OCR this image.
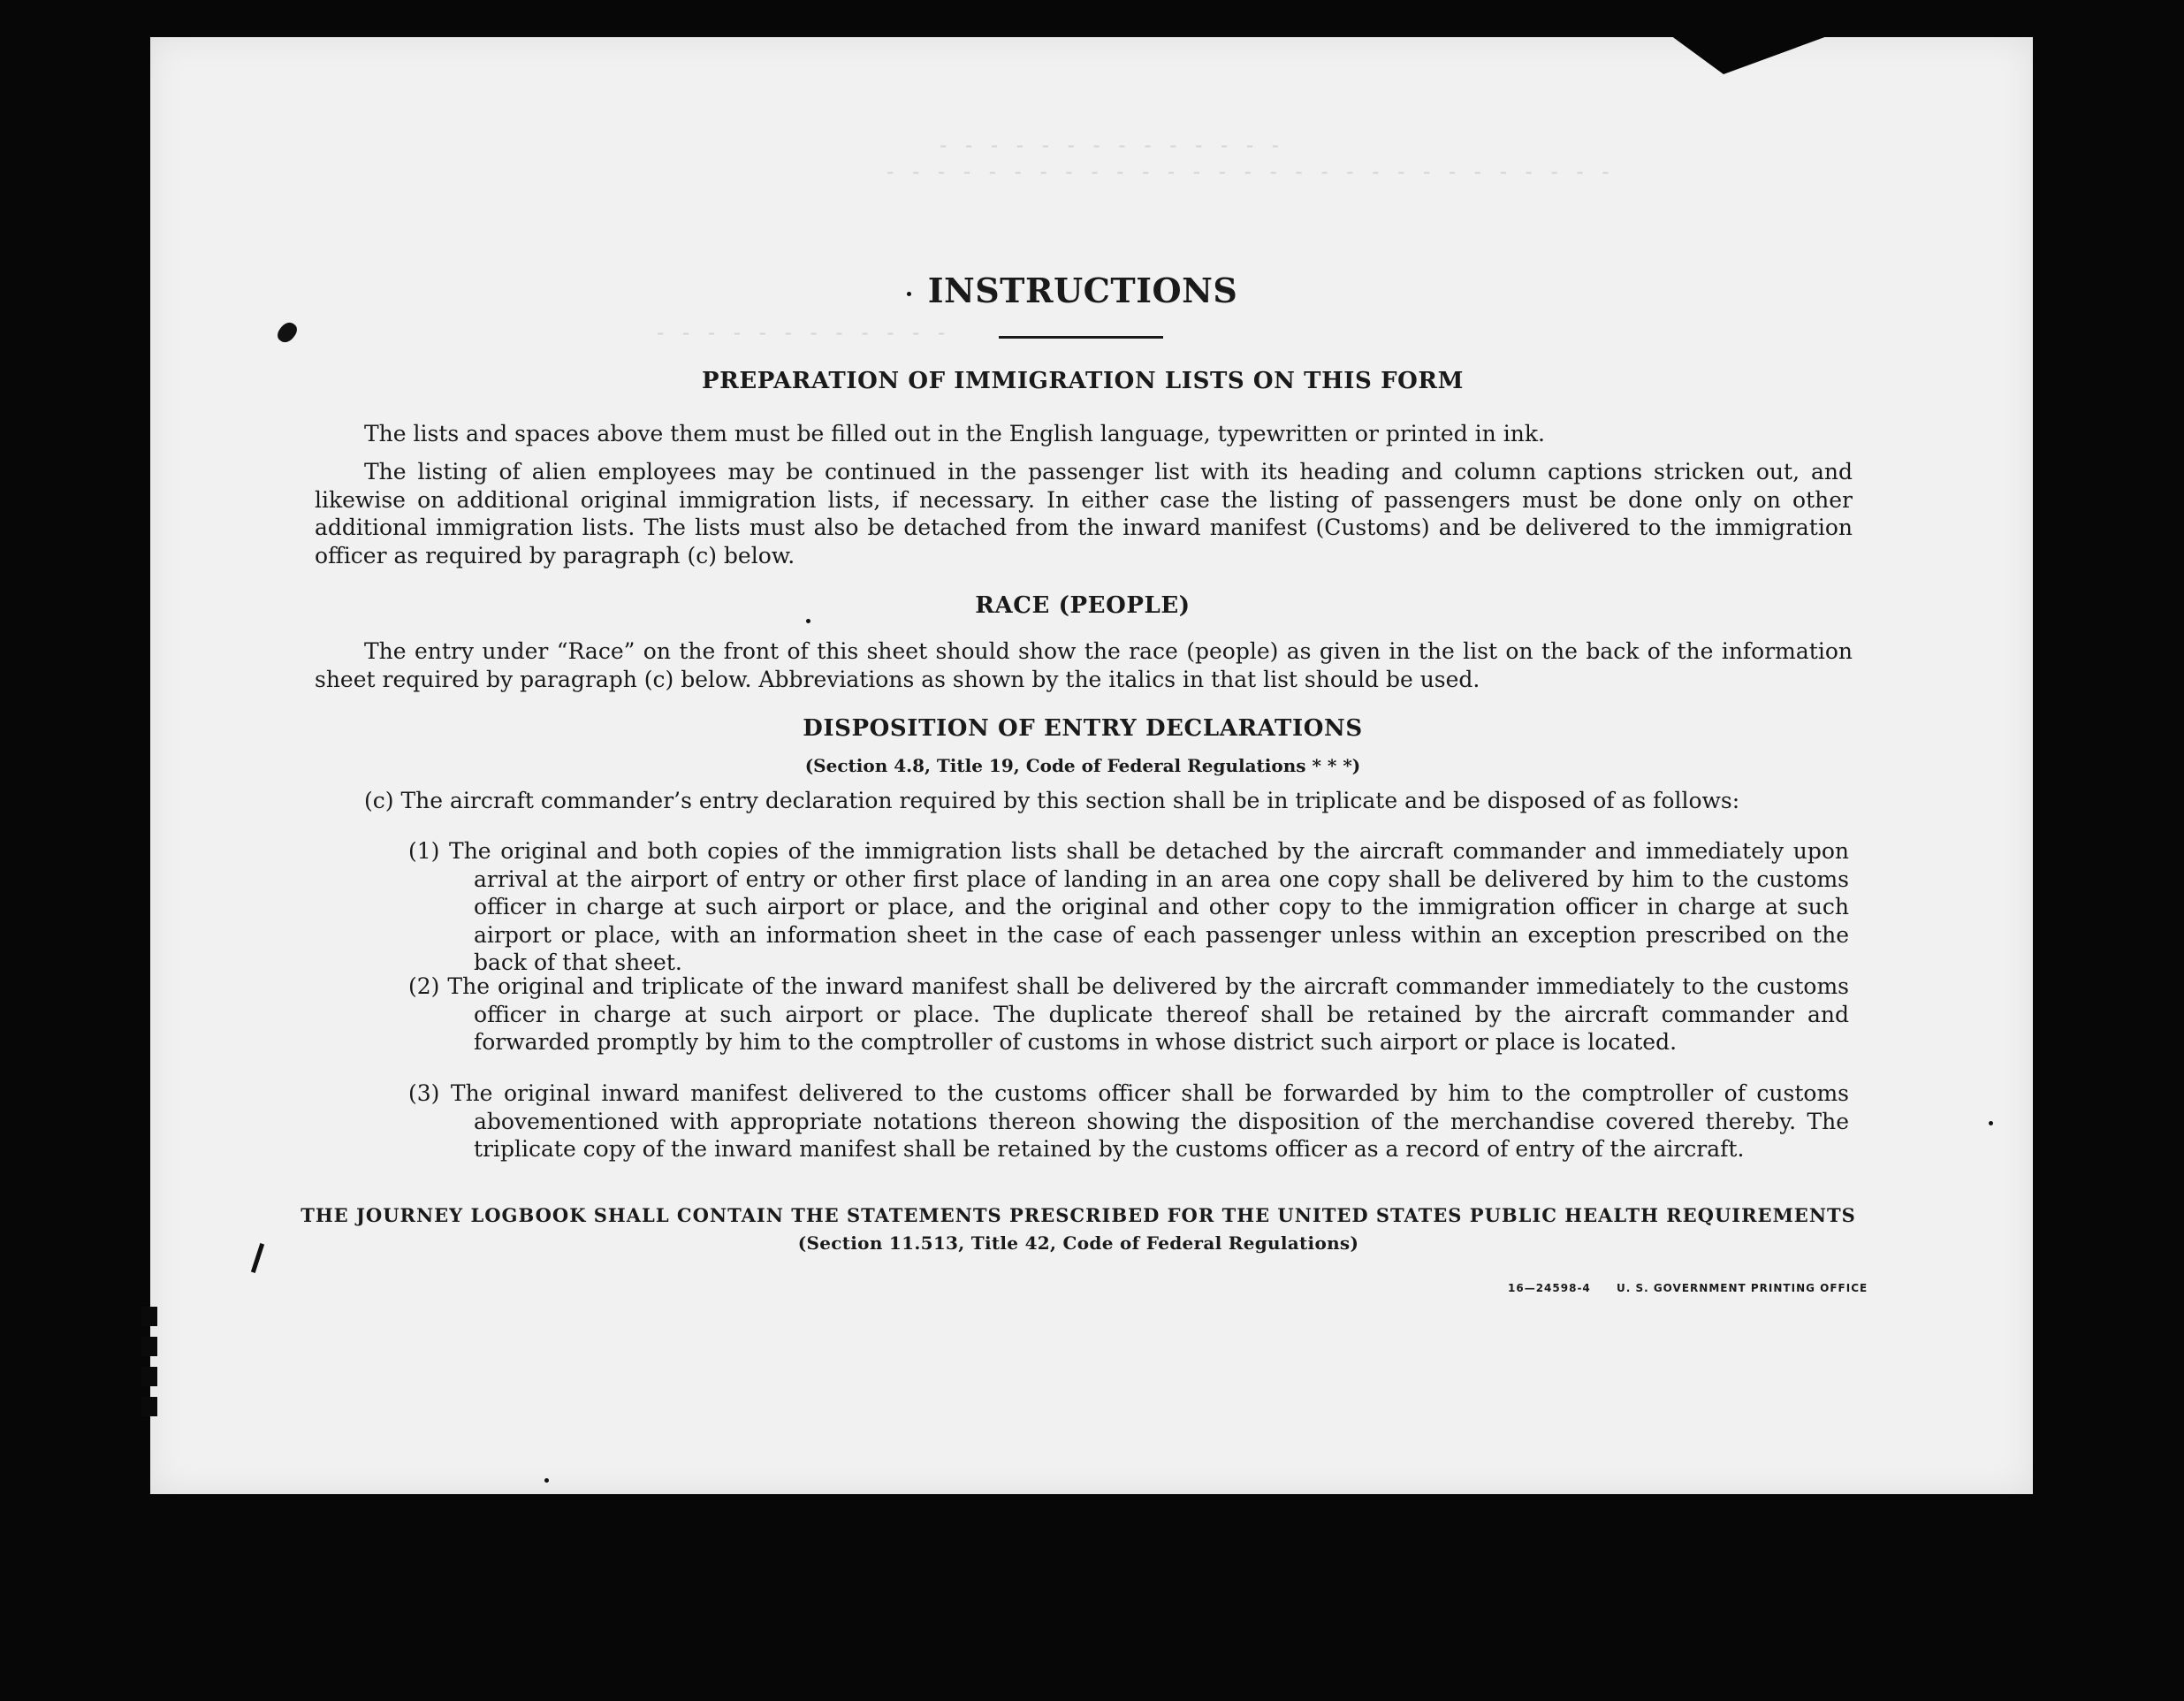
- - - - - - - - - - - - - -
- - - - - - - - - - - - - - - - - - - - - - - - - - - - -
- - - - - - - - - - - -
INSTRUCTIONS
PREPARATION OF IMMIGRATION LISTS ON THIS FORM
The lists and spaces above them must be filled out in the English language, typewritten or printed in ink.
The listing of alien employees may be continued in the passenger list with its heading and column captions stricken out, and likewise on additional original immigration lists, if necessary. In either case the listing of passengers must be done only on other additional immigration lists. The lists must also be detached from the inward manifest (Customs) and be delivered to the immigration officer as required by paragraph (c) below.
RACE (PEOPLE)
The entry under “Race” on the front of this sheet should show the race (people) as given in the list on the back of the information sheet required by paragraph (c) below. Abbreviations as shown by the italics in that list should be used.
DISPOSITION OF ENTRY DECLARATIONS
(Section 4.8, Title 19, Code of Federal Regulations * * *)
(c) The aircraft commander’s entry declaration required by this section shall be in triplicate and be disposed of as follows:
(1) The original and both copies of the immigration lists shall be detached by the aircraft commander and immediately upon arrival at the airport of entry or other first place of landing in an area one copy shall be delivered by him to the customs officer in charge at such airport or place, and the original and other copy to the immigration officer in charge at such airport or place, with an information sheet in the case of each passenger unless within an exception prescribed on the back of that sheet.
(2) The original and triplicate of the inward manifest shall be delivered by the aircraft commander immediately to the customs officer in charge at such airport or place. The duplicate thereof shall be retained by the aircraft commander and forwarded promptly by him to the comptroller of customs in whose district such airport or place is located.
(3) The original inward manifest delivered to the customs officer shall be forwarded by him to the comptroller of customs abovementioned with appropriate notations thereon showing the disposition of the merchandise covered thereby. The triplicate copy of the inward manifest shall be retained by the customs officer as a record of entry of the aircraft.
THE JOURNEY LOGBOOK SHALL CONTAIN THE STATEMENTS PRESCRIBED FOR THE UNITED STATES PUBLIC HEALTH REQUIREMENTS
(Section 11.513, Title 42, Code of Federal Regulations)
16—24598-4 U. S. GOVERNMENT PRINTING OFFICE
